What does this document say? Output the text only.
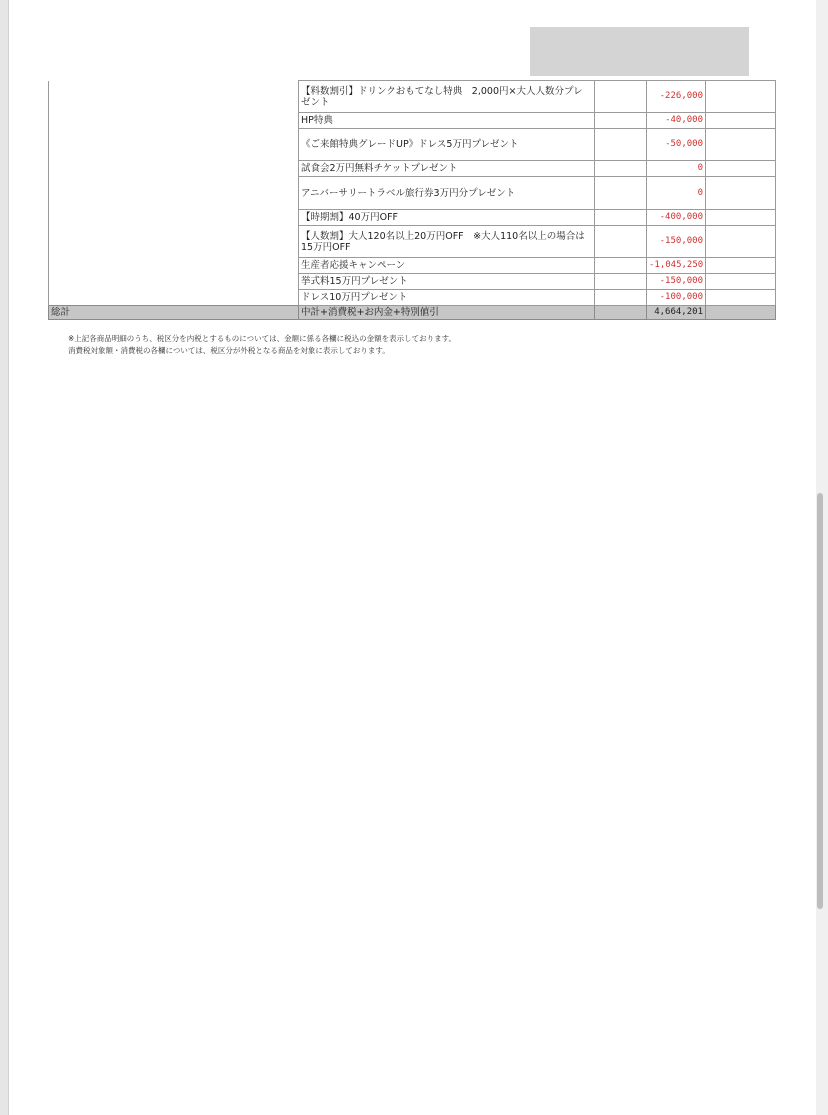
	【料数割引】ドリンクおもてなし特典　2,000円×大人人数分プレゼント		-226,000	
	HP特典		-40,000	
	《ご来館特典グレードUP》ドレス5万円プレゼント		-50,000	
	試食会2万円無料チケットプレゼント		0	
	アニバーサリートラベル旅行券3万円分プレゼント		0	
	【時期割】40万円OFF		-400,000	
	【人数割】大人120名以上20万円OFF　※大人110名以上の場合は15万円OFF		-150,000	
	生産者応援キャンペーン		-1,045,250	
	挙式料15万円プレゼント		-150,000	
	ドレス10万円プレゼント		-100,000	
総計	中計+消費税+お内金+特別値引		4,664,201	
※上記各商品明細のうち、税区分を内税とするものについては、金額に係る各欄に税込の金額を表示しております。
消費税対象額・消費税の各欄については、税区分が外税となる商品を対象に表示しております。
